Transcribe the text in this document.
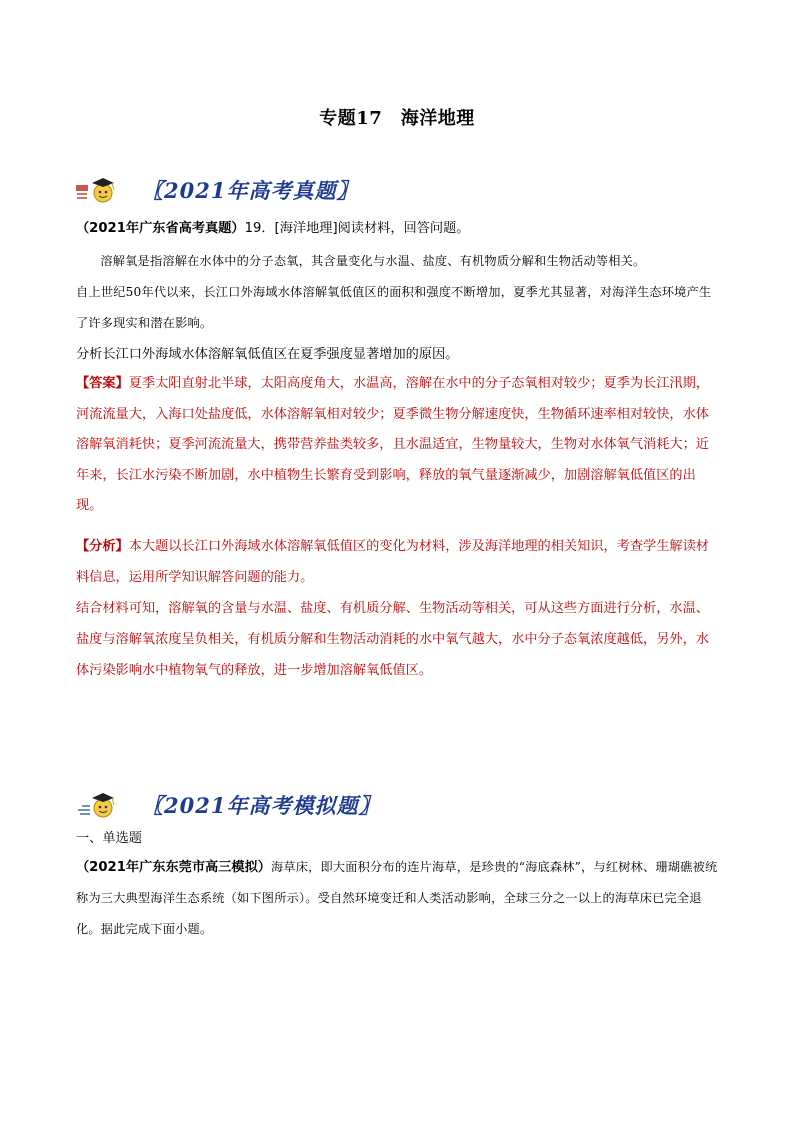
专题17　海洋地理
〖2021年高考真题〗
（2021年广东省高考真题）19．[海洋地理]阅读材料，回答问题。

溶解氧是指溶解在水体中的分子态氧，其含量变化与水温、盐度、有机物质分解和生物活动等相关。

自上世纪50年代以来，长江口外海域水体溶解氧低值区的面积和强度不断增加，夏季尤其显著，对海洋生态环境产生了许多现实和潜在影响。

分析长江口外海域水体溶解氧低值区在夏季强度显著增加的原因。
【答案】夏季太阳直射北半球，太阳高度角大，水温高，溶解在水中的分子态氧相对较少；夏季为长江汛期，河流流量大，入海口处盐度低，水体溶解氧相对较少；夏季微生物分解速度快，生物循环速率相对较快，水体溶解氧消耗快；夏季河流流量大，携带营养盐类较多，且水温适宜，生物量较大，生物对水体氧气消耗大；近年来，长江水污染不断加剧，水中植物生长繁育受到影响，释放的氧气量逐渐减少，加剧溶解氧低值区的出现。

【分析】本大题以长江口外海域水体溶解氧低值区的变化为材料，涉及海洋地理的相关知识，考查学生解读材料信息，运用所学知识解答问题的能力。

结合材料可知，溶解氧的含量与水温、盐度、有机质分解、生物活动等相关，可从这些方面进行分析，水温、盐度与溶解氧浓度呈负相关，有机质分解和生物活动消耗的水中氧气越大，水中分子态氧浓度越低，另外，水体污染影响水中植物氧气的释放，进一步增加溶解氧低值区。

〖2021年高考模拟题〗
一、单选题
（2021年广东东莞市高三模拟）海草床，即大面积分布的连片海草，是珍贵的“海底森林”，与红树林、珊瑚礁被统称为三大典型海洋生态系统（如下图所示）。受自然环境变迁和人类活动影响，全球三分之一以上的海草床已完全退化。据此完成下面小题。
